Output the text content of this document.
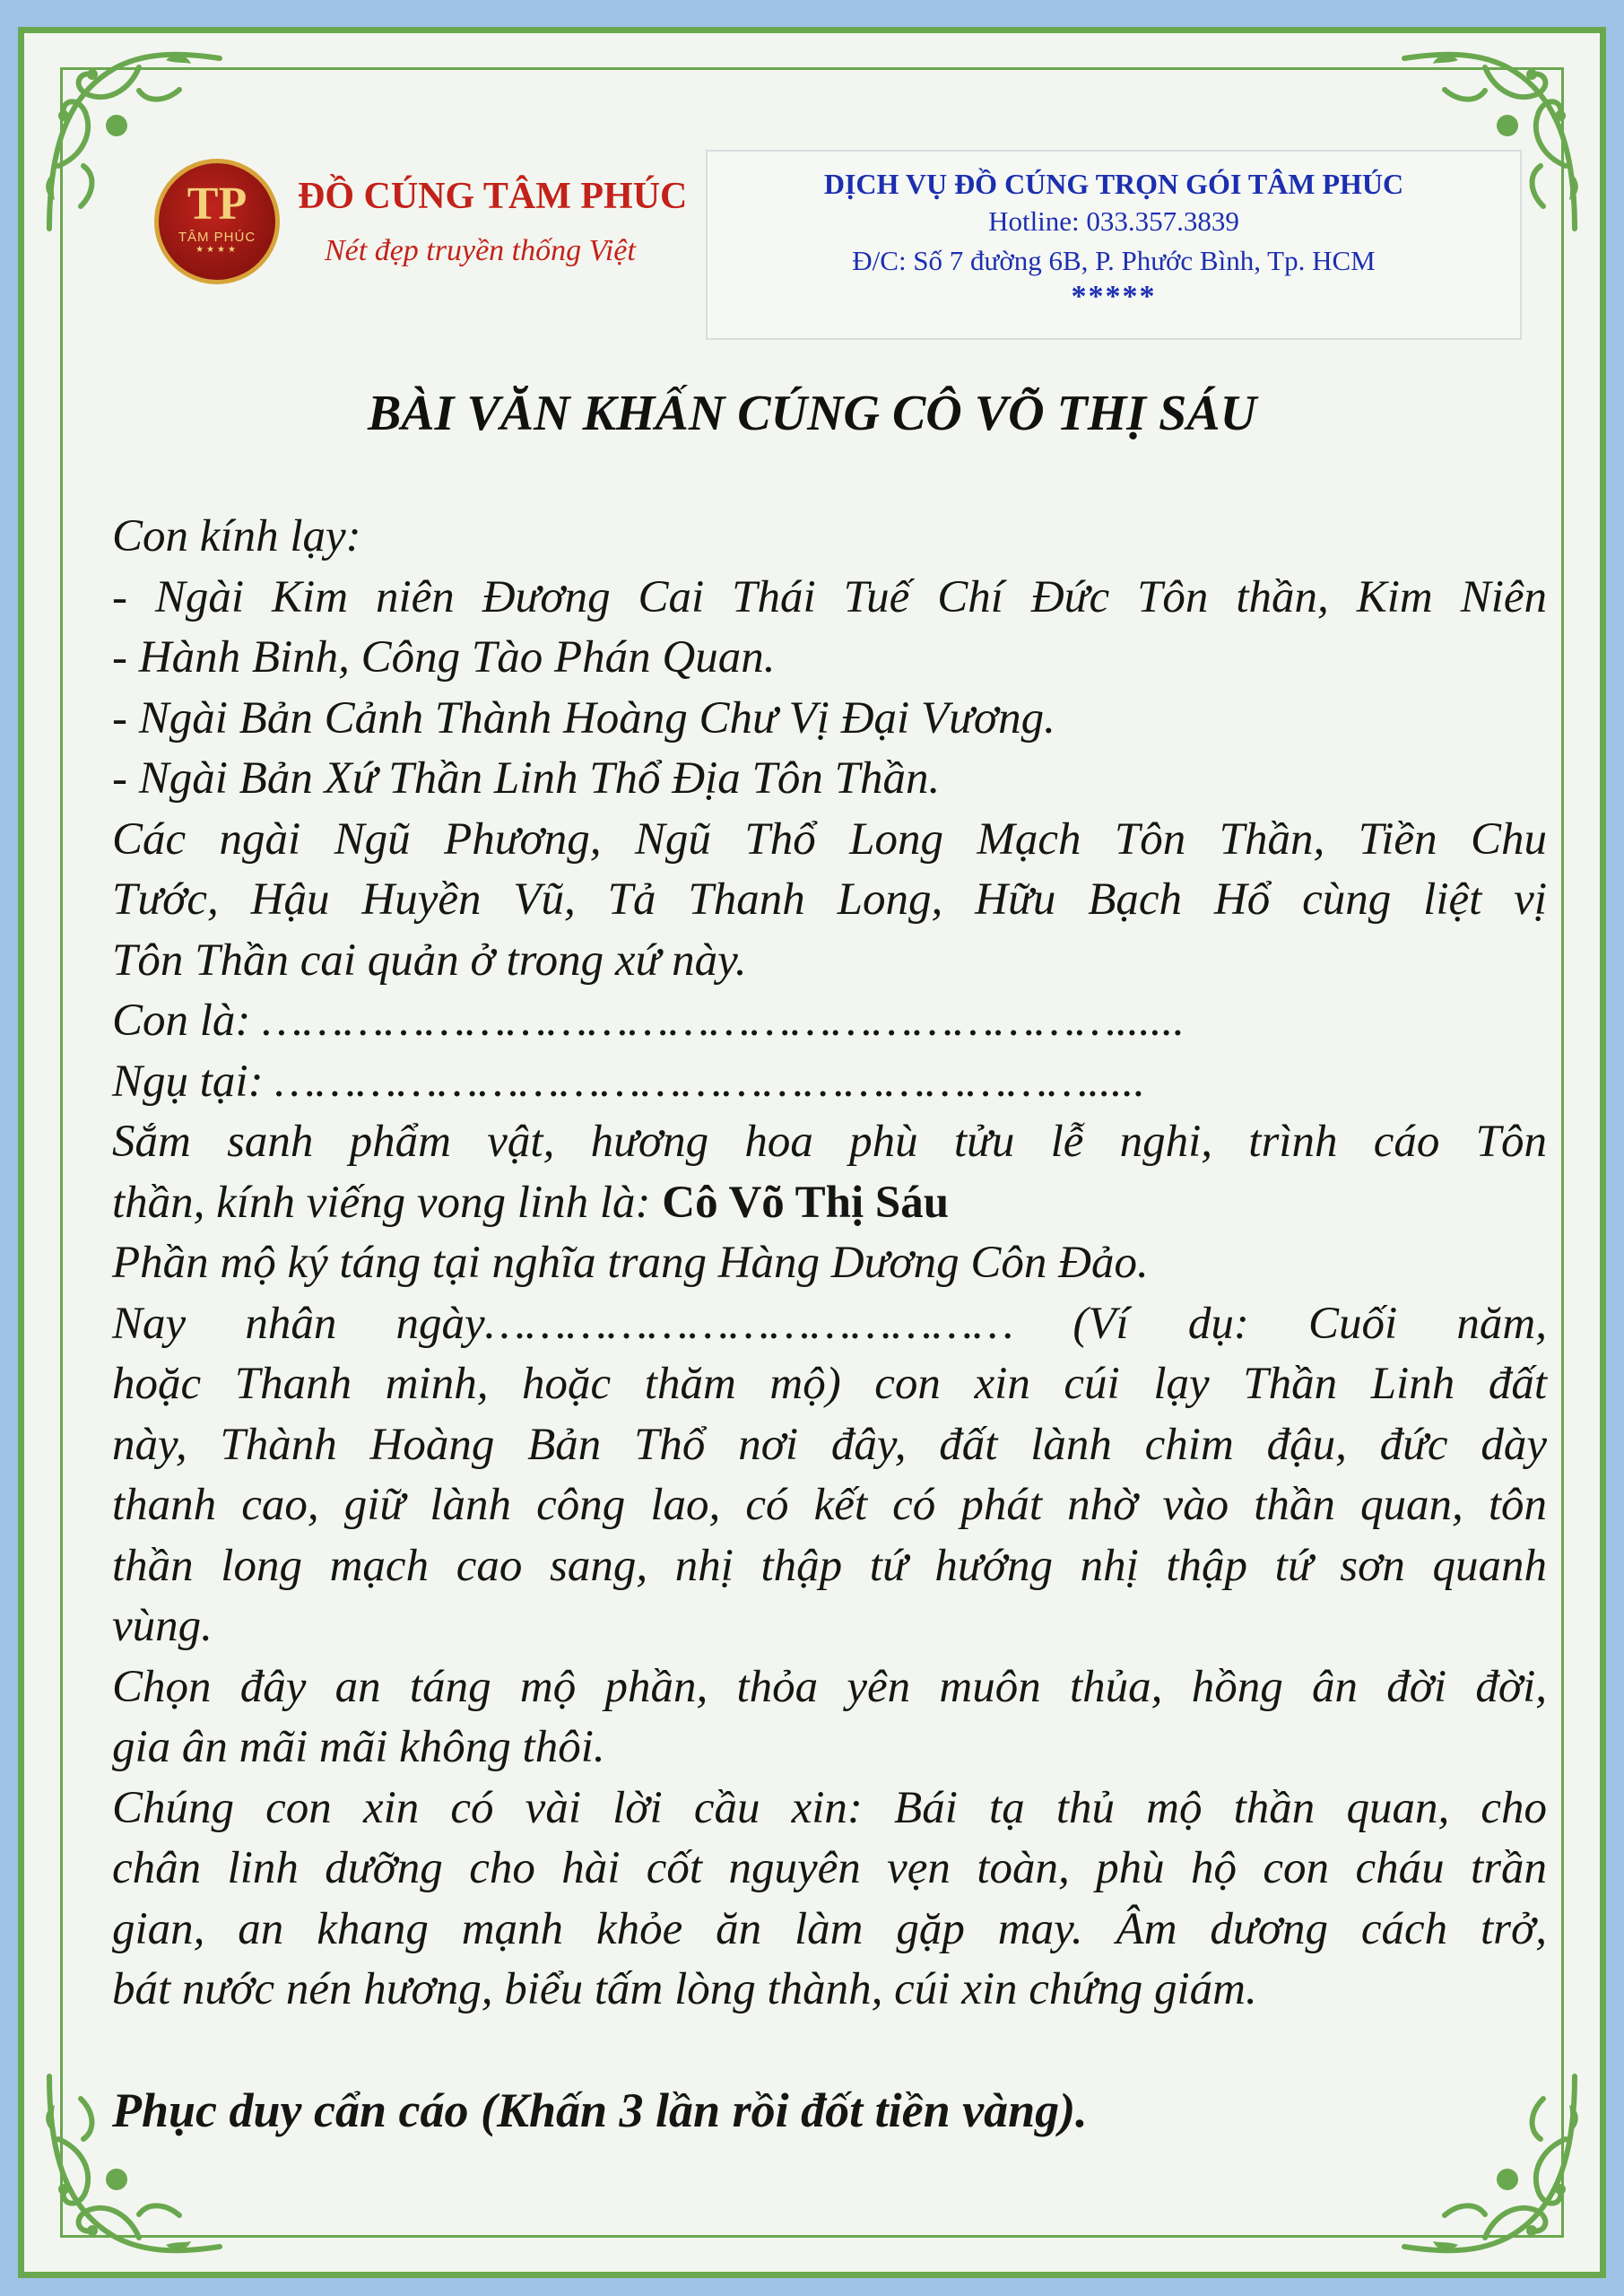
TP
TÂM PHÚC
★★★★
ĐỒ CÚNG TÂM PHÚC
Nét đẹp truyền thống Việt
DỊCH VỤ ĐỒ CÚNG TRỌN GÓI TÂM PHÚC
Hotline: 033.357.3839
Đ/C: Số 7 đường 6B, P. Phước Bình, Tp. HCM
*****
BÀI VĂN KHẤN CÚNG CÔ VÕ THỊ SÁU
Con kính lạy:
- Ngài Kim niên Đương Cai Thái Tuế Chí Đức Tôn thần, Kim Niên
- Hành Binh, Công Tào Phán Quan.
- Ngài Bản Cảnh Thành Hoàng Chư Vị Đại Vương.
- Ngài Bản Xứ Thần Linh Thổ Địa Tôn Thần.
Các ngài Ngũ Phương, Ngũ Thổ Long Mạch Tôn Thần, Tiền Chu
Tước, Hậu Huyền Vũ, Tả Thanh Long, Hữu Bạch Hổ cùng liệt vị
Tôn Thần cai quản ở trong xứ này.
Con là: ………………………………………………………......
Ngụ tại: …………………………………………………….....
Sắm sanh phẩm vật, hương hoa phù tửu lễ nghi, trình cáo Tôn
thần, kính viếng vong linh là: Cô Võ Thị Sáu
Phần mộ ký táng tại nghĩa trang Hàng Dương Côn Đảo.
Nay nhân ngày………………………………… (Ví dụ: Cuối năm,
hoặc Thanh minh, hoặc thăm mộ) con xin cúi lạy Thần Linh đất
này, Thành Hoàng Bản Thổ nơi đây, đất lành chim đậu, đức dày
thanh cao, giữ lành công lao, có kết có phát nhờ vào thần quan, tôn
thần long mạch cao sang, nhị thập tứ hướng nhị thập tứ sơn quanh
vùng.
Chọn đây an táng mộ phần, thỏa yên muôn thủa, hồng ân đời đời,
gia ân mãi mãi không thôi.
Chúng con xin có vài lời cầu xin: Bái tạ thủ mộ thần quan, cho
chân linh dưỡng cho hài cốt nguyên vẹn toàn, phù hộ con cháu trần
gian, an khang mạnh khỏe ăn làm gặp may. Âm dương cách trở,
bát nước nén hương, biểu tấm lòng thành, cúi xin chứng giám.
Phục duy cẩn cáo (Khấn 3 lần rồi đốt tiền vàng).
